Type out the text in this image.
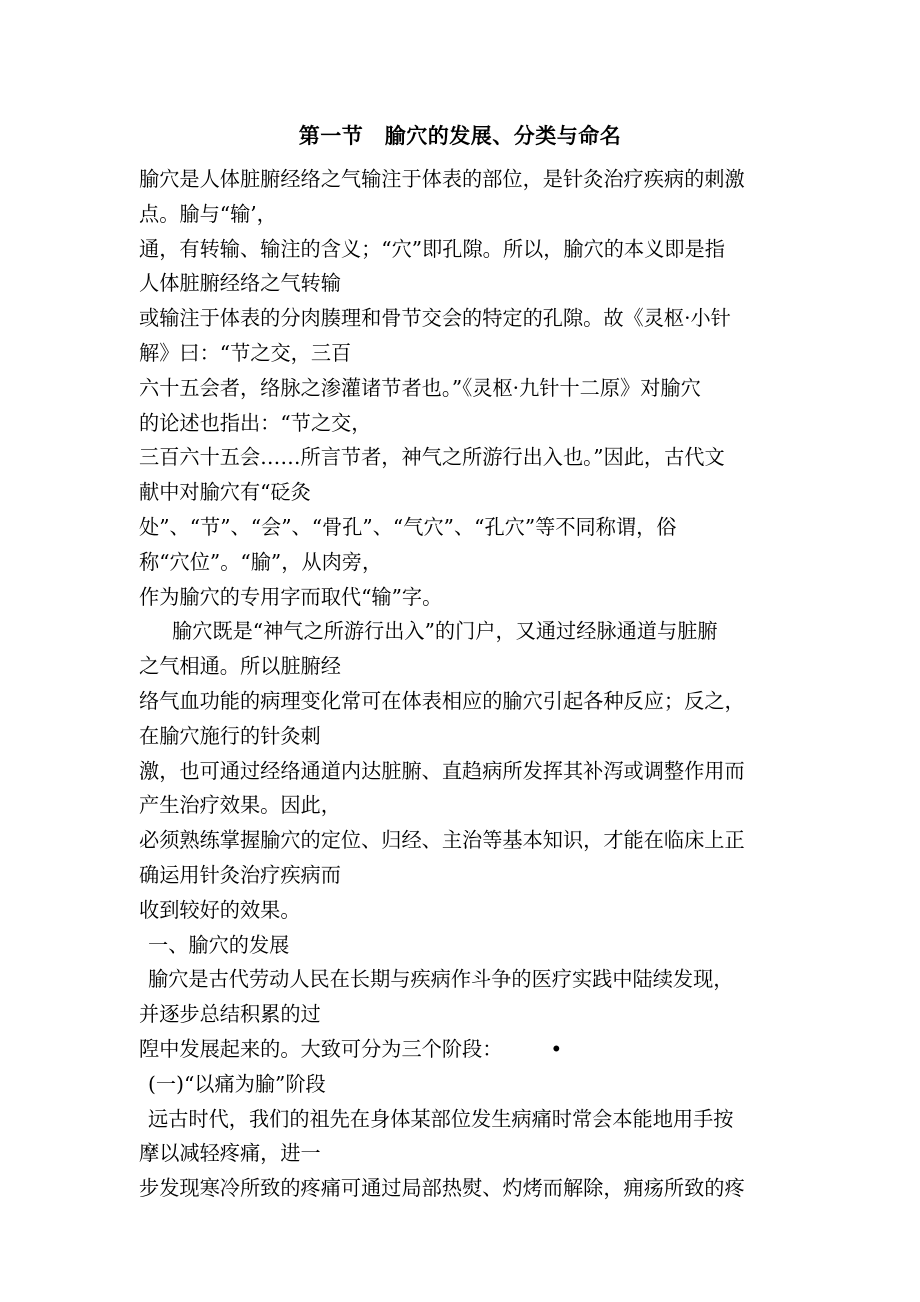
第一节　腧穴的发展、分类与命名
腧穴是人体脏腑经络之气输注于体表的部位，是针灸治疗疾病的刺激
点。腧与“输’，
通，有转输、输注的含义；“穴”即孔隙。所以，腧穴的本义即是指
人体脏腑经络之气转输
或输注于体表的分肉腠理和骨节交会的特定的孔隙。故《灵枢·小针
解》曰：“节之交，三百
六十五会者，络脉之渗灌诸节者也。”《灵枢·九针十二原》对腧穴
的论述也指出：“节之交，
三百六十五会……所言节者，神气之所游行出入也。”因此，古代文
献中对腧穴有“砭灸
处”、“节”、“会”、“骨孔”、“气穴”、“孔穴”等不同称谓，俗
称“穴位”。“腧”，从肉旁，
作为腧穴的专用字而取代“输”字。
腧穴既是“神气之所游行出入”的门户，又通过经脉通道与脏腑
之气相通。所以脏腑经
络气血功能的病理变化常可在体表相应的腧穴引起各种反应；反之，
在腧穴施行的针灸刺
激，也可通过经络通道内达脏腑、直趋病所发挥其补泻或调整作用而
产生治疗效果。因此，
必须熟练掌握腧穴的定位、归经、主治等基本知识，才能在临床上正
确运用针灸治疗疾病而
收到较好的效果。
一、腧穴的发展
腧穴是古代劳动人民在长期与疾病作斗争的医疗实践中陆续发现，
并逐步总结积累的过
隉中发展起来的。大致可分为三个阶段： •
(一)“以痛为腧”阶段
远古时代，我们的祖先在身体某部位发生病痛时常会本能地用手按
摩以减轻疼痛，进一
步发现寒冷所致的疼痛可通过局部热熨、灼烤而解除，痈疡所致的疼
